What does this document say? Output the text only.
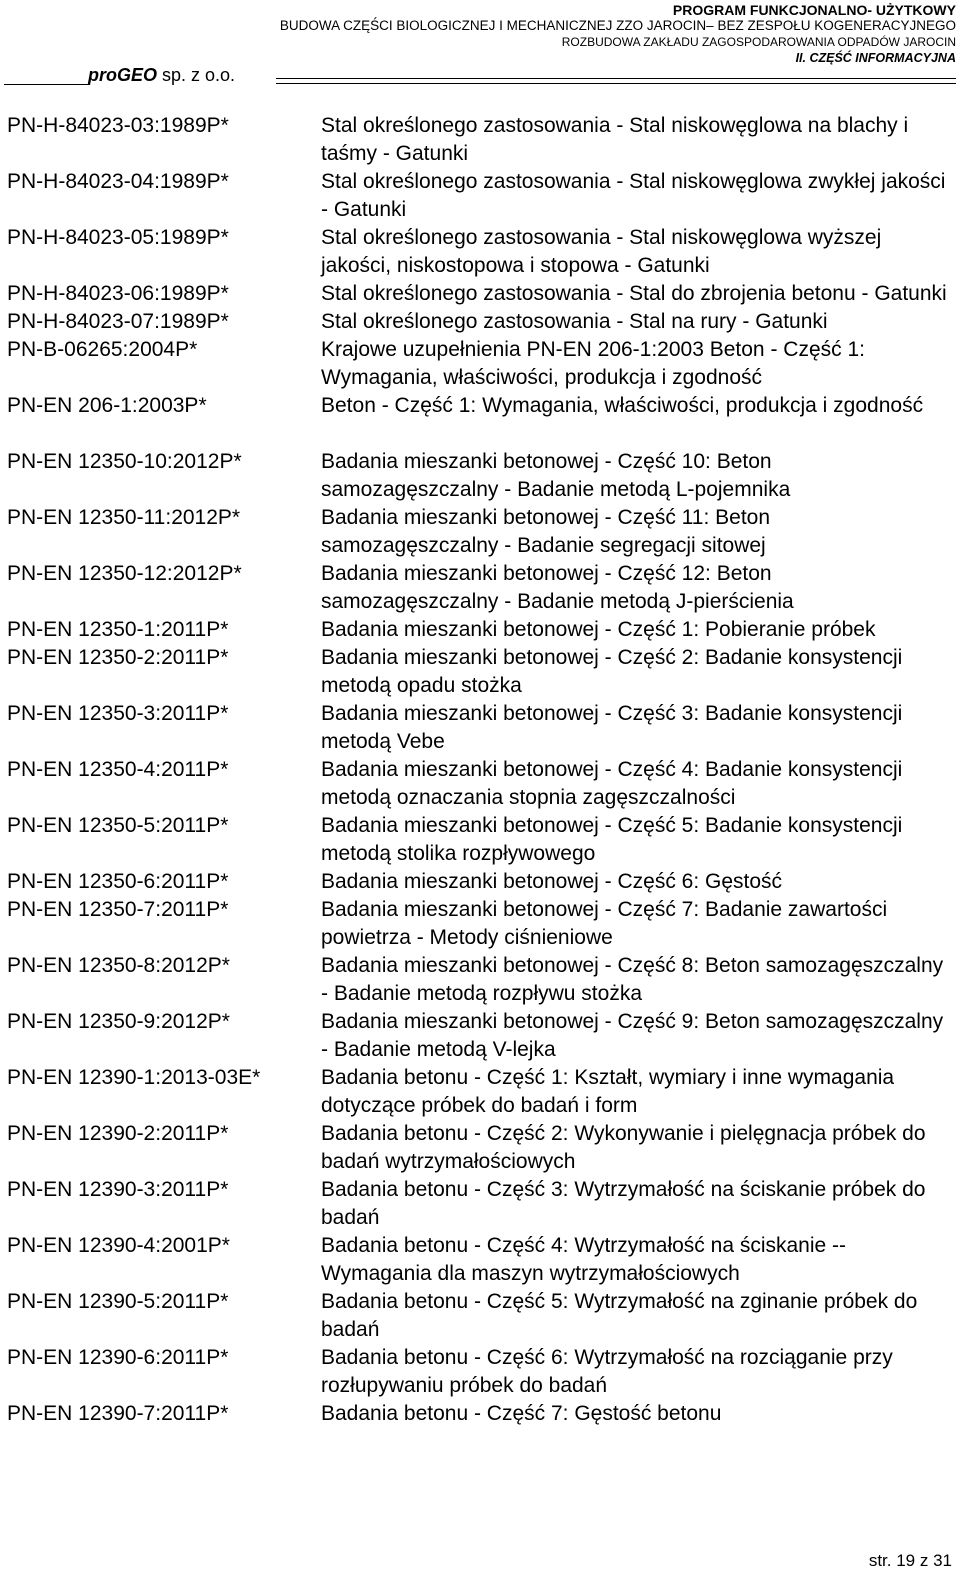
PROGRAM FUNKCJONALNO- UŻYTKOWY
BUDOWA CZĘŚCI BIOLOGICZNEJ I MECHANICZNEJ ZZO JAROCIN– BEZ ZESPOŁU KOGENERACYJNEGO
ROZBUDOWA ZAKŁADU ZAGOSPODAROWANIA ODPADÓW JAROCIN
II. CZĘŚĆ INFORMACYJNA
proGEO sp. z o.o.
PN-H-84023-03:1989P*	Stal określonego zastosowania - Stal niskowęglowa na blachy i taśmy - Gatunki
PN-H-84023-04:1989P*	Stal określonego zastosowania - Stal niskowęglowa zwykłej jakości - Gatunki
PN-H-84023-05:1989P*	Stal określonego zastosowania - Stal niskowęglowa wyższej jakości, niskostopowa i stopowa - Gatunki
PN-H-84023-06:1989P*	Stal określonego zastosowania - Stal do zbrojenia betonu - Gatunki
PN-H-84023-07:1989P*	Stal określonego zastosowania - Stal na rury - Gatunki
PN-B-06265:2004P*	Krajowe uzupełnienia PN-EN 206-1:2003 Beton - Część 1: Wymagania, właściwości, produkcja i zgodność
PN-EN 206-1:2003P*	Beton - Część 1: Wymagania, właściwości, produkcja i zgodność
PN-EN 12350-10:2012P*	Badania mieszanki betonowej - Część 10: Beton samozagęszczalny - Badanie metodą L-pojemnika
PN-EN 12350-11:2012P*	Badania mieszanki betonowej - Część 11: Beton samozagęszczalny - Badanie segregacji sitowej
PN-EN 12350-12:2012P*	Badania mieszanki betonowej - Część 12: Beton samozagęszczalny - Badanie metodą J-pierścienia
PN-EN 12350-1:2011P*	Badania mieszanki betonowej - Część 1: Pobieranie próbek
PN-EN 12350-2:2011P*	Badania mieszanki betonowej - Część 2: Badanie konsystencji metodą opadu stożka
PN-EN 12350-3:2011P*	Badania mieszanki betonowej - Część 3: Badanie konsystencji metodą Vebe
PN-EN 12350-4:2011P*	Badania mieszanki betonowej - Część 4: Badanie konsystencji metodą oznaczania stopnia zagęszczalności
PN-EN 12350-5:2011P*	Badania mieszanki betonowej - Część 5: Badanie konsystencji metodą stolika rozpływowego
PN-EN 12350-6:2011P*	Badania mieszanki betonowej - Część 6: Gęstość
PN-EN 12350-7:2011P*	Badania mieszanki betonowej - Część 7: Badanie zawartości powietrza - Metody ciśnieniowe
PN-EN 12350-8:2012P*	Badania mieszanki betonowej - Część 8: Beton samozagęszczalny - Badanie metodą rozpływu stożka
PN-EN 12350-9:2012P*	Badania mieszanki betonowej - Część 9: Beton samozagęszczalny - Badanie metodą V-lejka
PN-EN 12390-1:2013-03E*	Badania betonu - Część 1: Kształt, wymiary i inne wymagania dotyczące próbek do badań i form
PN-EN 12390-2:2011P*	Badania betonu - Część 2: Wykonywanie i pielęgnacja próbek do badań wytrzymałościowych
PN-EN 12390-3:2011P*	Badania betonu - Część 3: Wytrzymałość na ściskanie próbek do badań
PN-EN 12390-4:2001P*	Badania betonu - Część 4: Wytrzymałość na ściskanie -- Wymagania dla maszyn wytrzymałościowych
PN-EN 12390-5:2011P*	Badania betonu - Część 5: Wytrzymałość na zginanie próbek do badań
PN-EN 12390-6:2011P*	Badania betonu - Część 6: Wytrzymałość na rozciąganie przy rozłupywaniu próbek do badań
PN-EN 12390-7:2011P*	Badania betonu - Część 7: Gęstość betonu
str. 19 z 31
